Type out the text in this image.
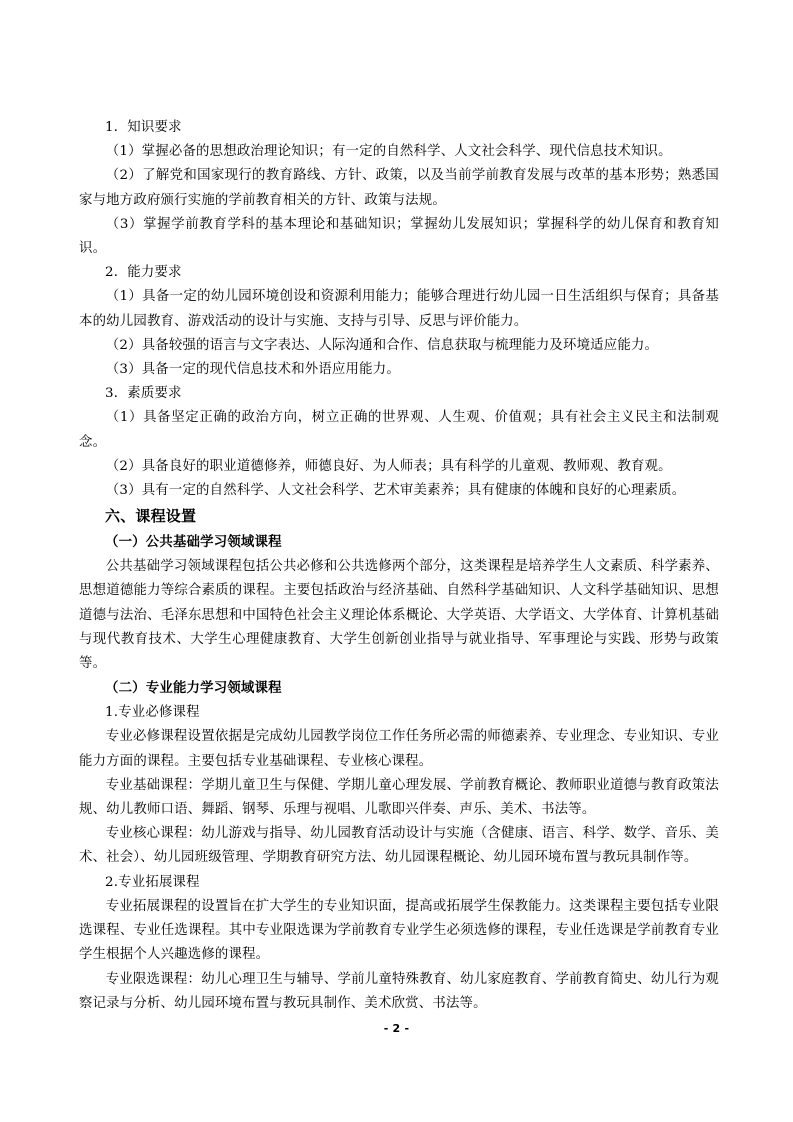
1．知识要求

（1）掌握必备的思想政治理论知识；有一定的自然科学、人文社会科学、现代信息技术知识。

（2）了解党和国家现行的教育路线、方针、政策，以及当前学前教育发展与改革的基本形势；熟悉国家与地方政府颁行实施的学前教育相关的方针、政策与法规。

（3）掌握学前教育学科的基本理论和基础知识；掌握幼儿发展知识；掌握科学的幼儿保育和教育知识。

2．能力要求

（1）具备一定的幼儿园环境创设和资源利用能力；能够合理进行幼儿园一日生活组织与保育；具备基本的幼儿园教育、游戏活动的设计与实施、支持与引导、反思与评价能力。

（2）具备较强的语言与文字表达、人际沟通和合作、信息获取与梳理能力及环境适应能力。

（3）具备一定的现代信息技术和外语应用能力。

3．素质要求

（1）具备坚定正确的政治方向，树立正确的世界观、人生观、价值观；具有社会主义民主和法制观念。

（2）具备良好的职业道德修养，师德良好、为人师表；具有科学的儿童观、教师观、教育观。

（3）具有一定的自然科学、人文社会科学、艺术审美素养；具有健康的体魄和良好的心理素质。

六、课程设置

（一）公共基础学习领域课程

公共基础学习领域课程包括公共必修和公共选修两个部分，这类课程是培养学生人文素质、科学素养、思想道德能力等综合素质的课程。主要包括政治与经济基础、自然科学基础知识、人文科学基础知识、思想道德与法治、毛泽东思想和中国特色社会主义理论体系概论、大学英语、大学语文、大学体育、计算机基础与现代教育技术、大学生心理健康教育、大学生创新创业指导与就业指导、军事理论与实践、形势与政策等。

（二）专业能力学习领域课程

1.专业必修课程

专业必修课程设置依据是完成幼儿园教学岗位工作任务所必需的师德素养、专业理念、专业知识、专业能力方面的课程。主要包括专业基础课程、专业核心课程。

专业基础课程：学期儿童卫生与保健、学期儿童心理发展、学前教育概论、教师职业道德与教育政策法规、幼儿教师口语、舞蹈、钢琴、乐理与视唱、儿歌即兴伴奏、声乐、美术、书法等。

专业核心课程：幼儿游戏与指导、幼儿园教育活动设计与实施（含健康、语言、科学、数学、音乐、美术、社会）、幼儿园班级管理、学期教育研究方法、幼儿园课程概论、幼儿园环境布置与教玩具制作等。

2.专业拓展课程

专业拓展课程的设置旨在扩大学生的专业知识面，提高或拓展学生保教能力。这类课程主要包括专业限选课程、专业任选课程。其中专业限选课为学前教育专业学生必须选修的课程，专业任选课是学前教育专业学生根据个人兴趣选修的课程。

专业限选课程：幼儿心理卫生与辅导、学前儿童特殊教育、幼儿家庭教育、学前教育简史、幼儿行为观察记录与分析、幼儿园环境布置与教玩具制作、美术欣赏、书法等。

- 2 -
